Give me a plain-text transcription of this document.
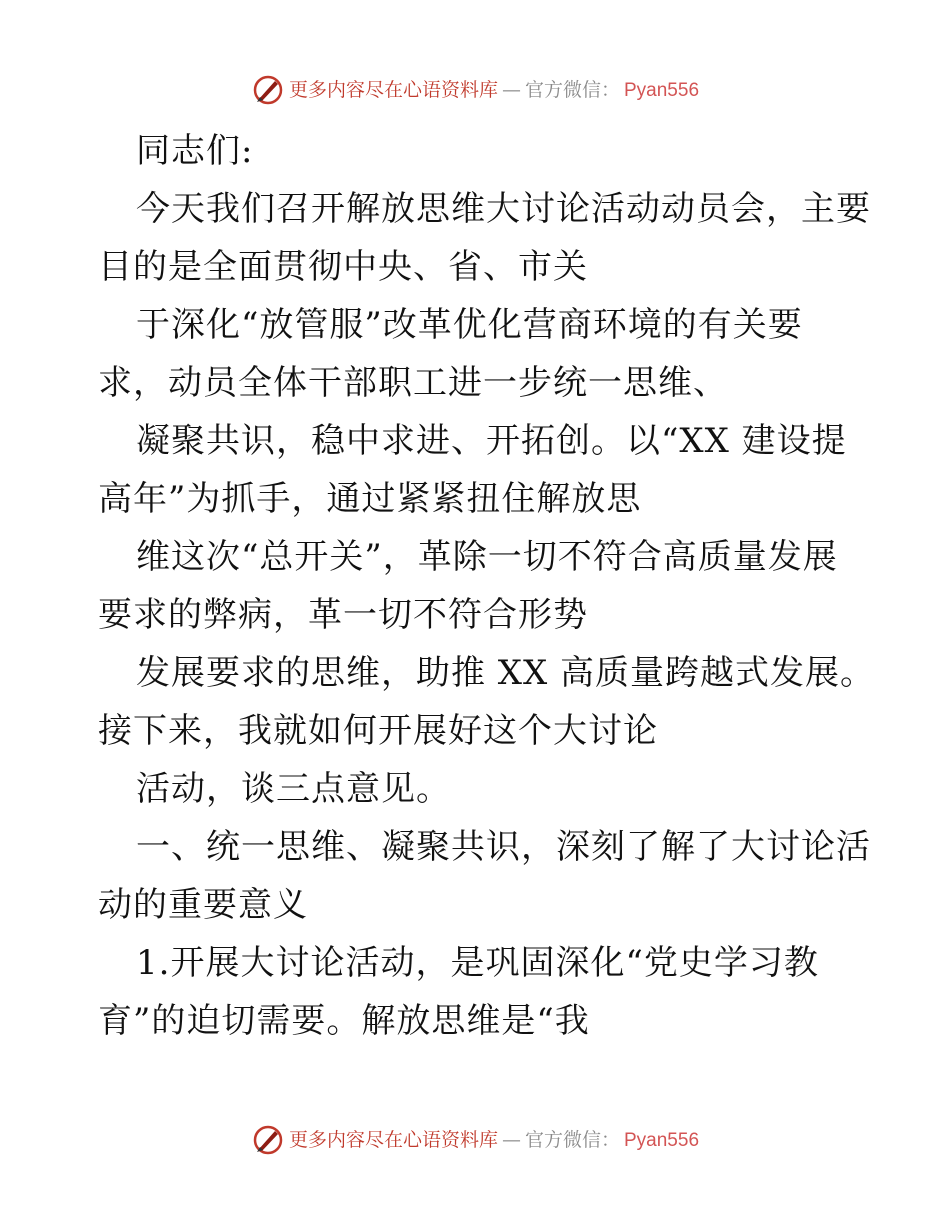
更多内容尽在心语资料库 — 官方微信： Pyan556
同志们:
今天我们召开解放思维大讨论活动动员会，主要
目的是全面贯彻中央、省、市关
于深化“放管服”改革优化营商环境的有关要
求，动员全体干部职工进一步统一思维、
凝聚共识，稳中求进、开拓创。以“XX 建设提
高年”为抓手，通过紧紧扭住解放思
维这次“总开关”，革除一切不符合高质量发展
要求的弊病，革一切不符合形势
发展要求的思维，助推 XX 高质量跨越式发展。
接下来，我就如何开展好这个大讨论
活动，谈三点意见。
一、统一思维、凝聚共识，深刻了解了大讨论活
动的重要意义
1.开展大讨论活动，是巩固深化“党史学习教
育”的迫切需要。解放思维是“我
更多内容尽在心语资料库 — 官方微信： Pyan556
